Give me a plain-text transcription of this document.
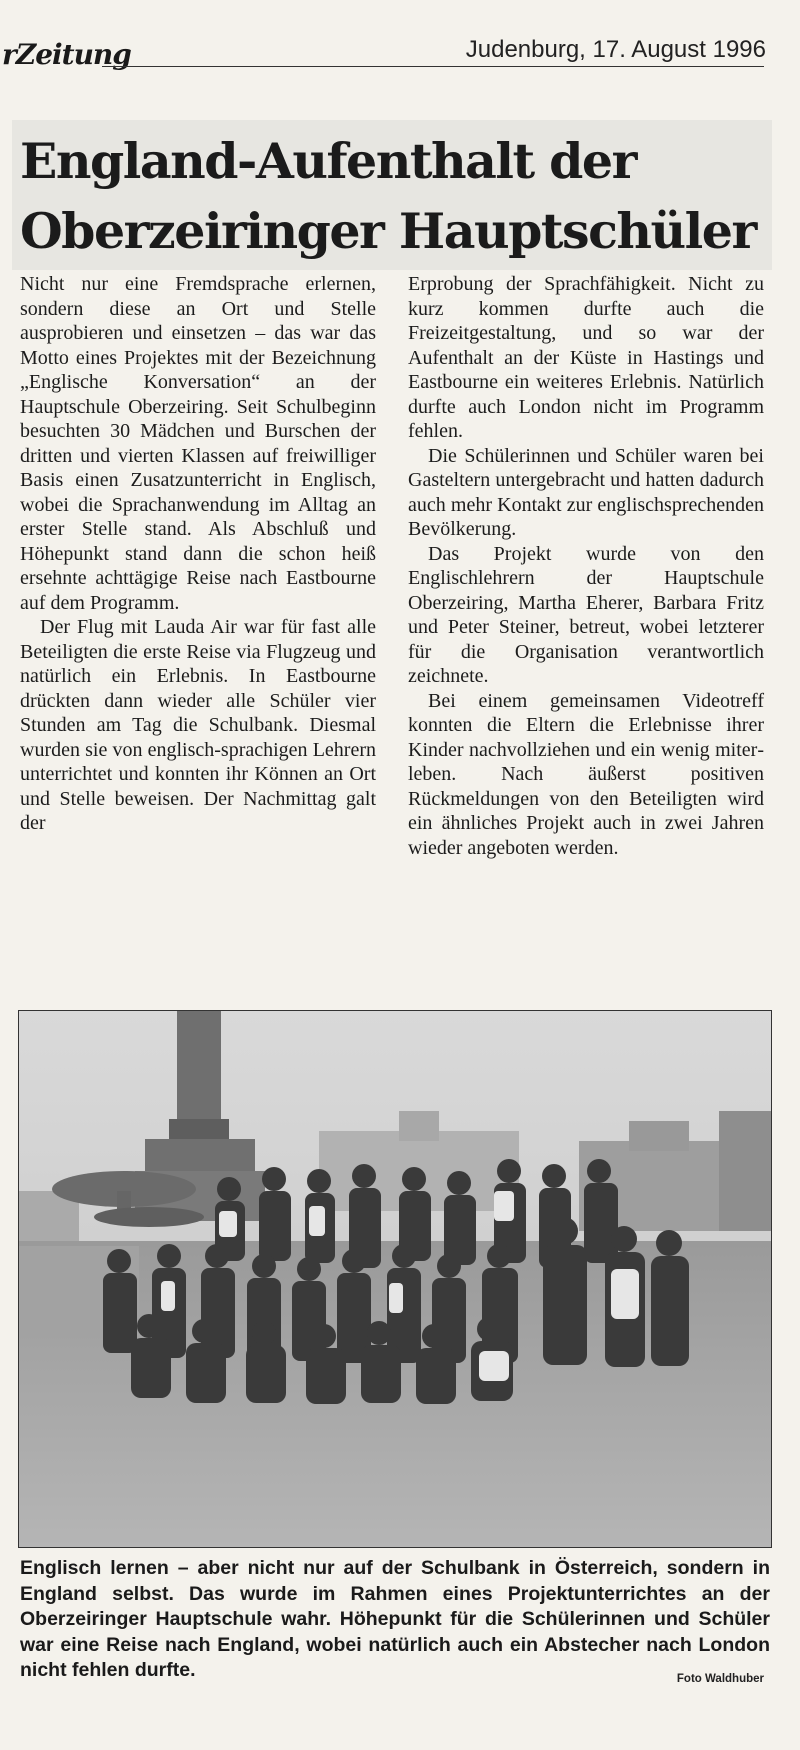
rZeitung	Judenburg, 17. August 1996
England-Aufenthalt der Oberzeiringer Hauptschüler

Nicht nur eine Fremdsprache erlernen, sondern diese an Ort und Stelle ausprobieren und einsetzen – das war das Motto eines Projektes mit der Bezeichnung „Englische Konversation“ an der Hauptschule Oberzeiring. Seit Schulbeginn besuchten 30 Mädchen und Burschen der dritten und vierten Klassen auf freiwilliger Basis einen Zusatzunterricht in Englisch, wobei die Sprachanwendung im Alltag an erster Stelle stand. Als Abschluß und Höhepunkt stand dann die schon heiß ersehnte achttägige Reise nach Eastbourne auf dem Programm.

Der Flug mit Lauda Air war für fast alle Beteiligten die erste Reise via Flugzeug und natürlich ein Erlebnis. In Eastbourne drückten dann wieder alle Schüler vier Stunden am Tag die Schulbank. Diesmal wurden sie von englisch-sprachigen Lehrern unterrichtet und konnten ihr Können an Ort und Stelle beweisen. Der Nachmittag galt der

Erprobung der Sprachfähigkeit. Nicht zu kurz kommen durfte auch die Freizeitgestaltung, und so war der Aufenthalt an der Küste in Hastings und Eastbourne ein weiteres Erlebnis. Natürlich durfte auch London nicht im Programm fehlen.

Die Schülerinnen und Schüler waren bei Gasteltern untergebracht und hatten dadurch auch mehr Kontakt zur englischsprechenden Bevölkerung.

Das Projekt wurde von den Englischlehrern der Hauptschule Oberzeiring, Martha Eherer, Barbara Fritz und Peter Steiner, betreut, wobei letzterer für die Organisation verantwortlich zeichnete.

Bei einem gemeinsamen Videotreff konnten die Eltern die Erlebnisse ihrer Kinder nachvollziehen und ein wenig miterleben. Nach äußerst positiven Rückmeldungen von den Beteiligten wird ein ähnliches Projekt auch in zwei Jahren wieder angeboten werden.

Englisch lernen – aber nicht nur auf der Schulbank in Österreich, sondern in England selbst. Das wurde im Rahmen eines Projektunterrichtes an der Oberzeiringer Hauptschule wahr. Höhepunkt für die Schülerinnen und Schüler war eine Reise nach England, wobei natürlich auch ein Abstecher nach London nicht fehlen durfte.	Foto Waldhuber
